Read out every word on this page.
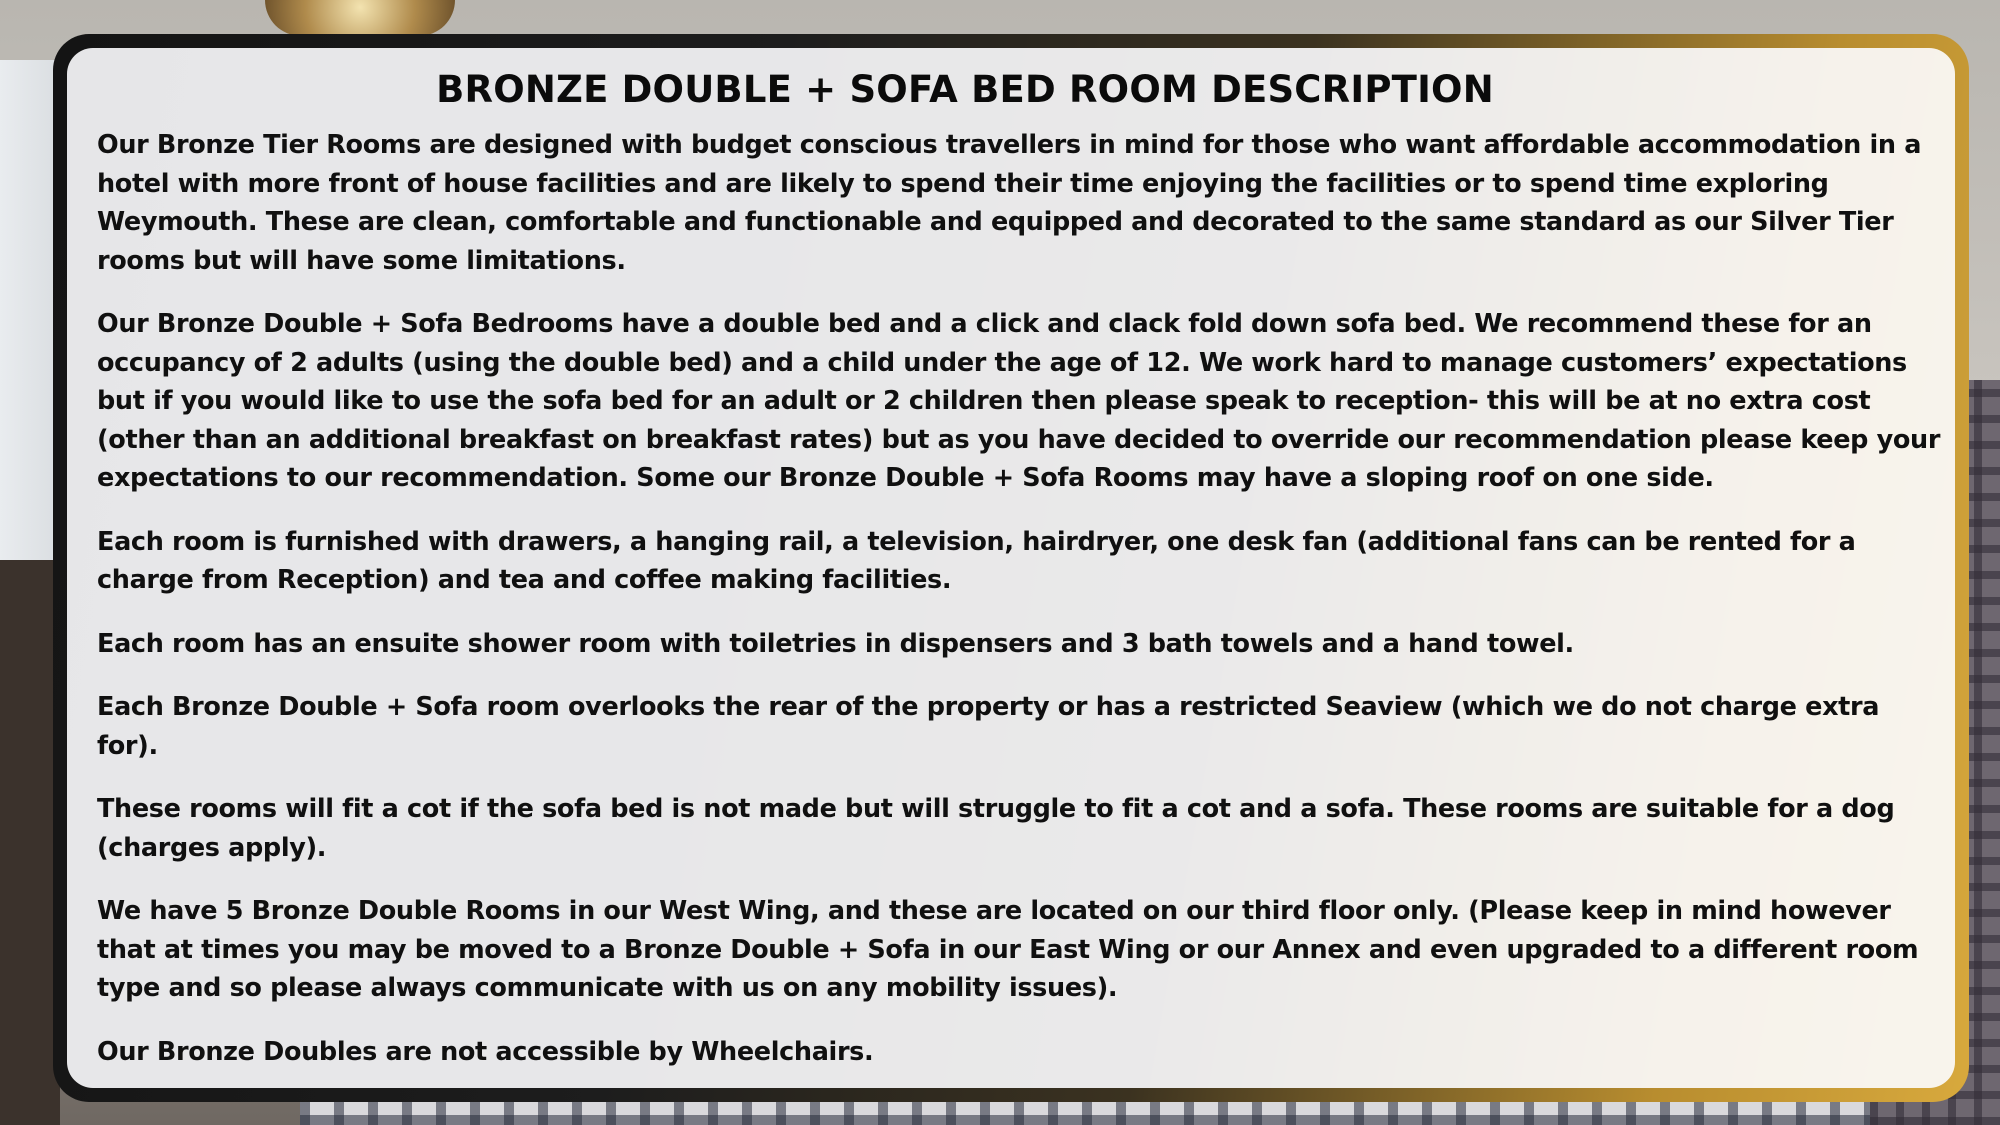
BRONZE DOUBLE + SOFA BED ROOM DESCRIPTION

Our Bronze Tier Rooms are designed with budget conscious travellers in mind for those who want affordable accommodation in a hotel with more front of house facilities and are likely to spend their time enjoying the facilities or to spend time exploring Weymouth. These are clean, comfortable and functionable and equipped and decorated to the same standard as our Silver Tier rooms but will have some limitations.

Our Bronze Double + Sofa Bedrooms have a double bed and a click and clack fold down sofa bed. We recommend these for an occupancy of 2 adults (using the double bed) and a child under the age of 12. We work hard to manage customers’ expectations but if you would like to use the sofa bed for an adult or 2 children then please speak to reception- this will be at no extra cost (other than an additional breakfast on breakfast rates) but as you have decided to override our recommendation please keep your expectations to our recommendation. Some our Bronze Double + Sofa Rooms may have a sloping roof on one side.

Each room is furnished with drawers, a hanging rail, a television, hairdryer, one desk fan (additional fans can be rented for a charge from Reception) and tea and coffee making facilities.

Each room has an ensuite shower room with toiletries in dispensers and 3 bath towels and a hand towel.

Each Bronze Double + Sofa room overlooks the rear of the property or has a restricted Seaview (which we do not charge extra for).

These rooms will fit a cot if the sofa bed is not made but will struggle to fit a cot and a sofa. These rooms are suitable for a dog (charges apply).

We have 5 Bronze Double Rooms in our West Wing, and these are located on our third floor only. (Please keep in mind however that at times you may be moved to a Bronze Double + Sofa in our East Wing or our Annex and even upgraded to a different room type and so please always communicate with us on any mobility issues).

Our Bronze Doubles are not accessible by Wheelchairs.
